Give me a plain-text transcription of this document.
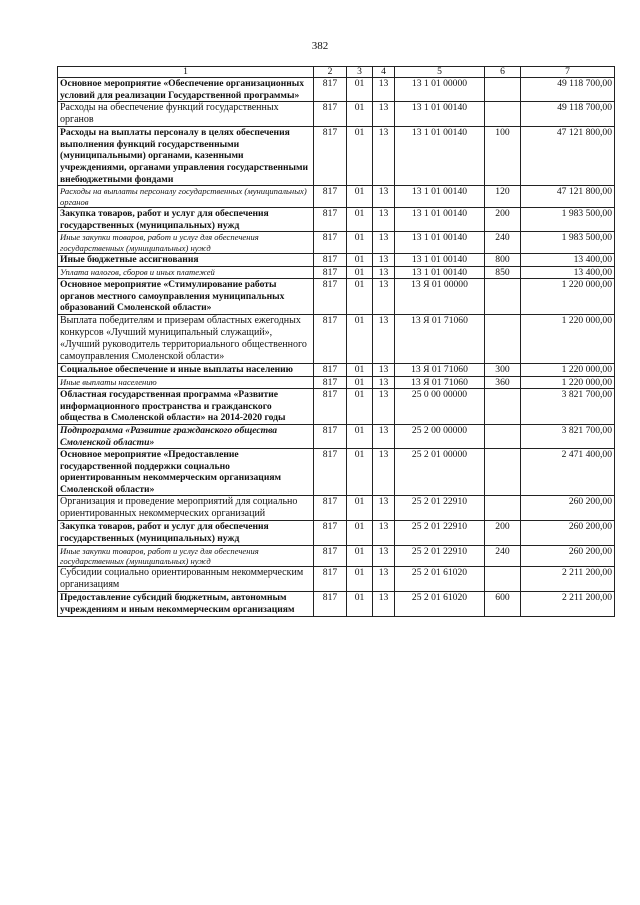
382
1	2	3	4	5	6	7
Основное мероприятие «Обеспечение организационных условий для реализации Государственной программы»	817	01	13	13 1 01 00000		49 118 700,00
Расходы на обеспечение функций государственных органов	817	01	13	13 1 01 00140		49 118 700,00
Расходы на выплаты персоналу в целях обеспечения выполнения функций государственными (муниципальными) органами, казенными учреждениями, органами управления государственными внебюджетными фондами	817	01	13	13 1 01 00140	100	47 121 800,00
Расходы на выплаты персоналу государственных (муниципальных) органов	817	01	13	13 1 01 00140	120	47 121 800,00
Закупка товаров, работ и услуг для обеспечения государственных (муниципальных) нужд	817	01	13	13 1 01 00140	200	1 983 500,00
Иные закупки товаров, работ и услуг для обеспечения государственных (муниципальных) нужд	817	01	13	13 1 01 00140	240	1 983 500,00
Иные бюджетные ассигнования	817	01	13	13 1 01 00140	800	13 400,00
Уплата налогов, сборов и иных платежей	817	01	13	13 1 01 00140	850	13 400,00
Основное мероприятие «Стимулирование работы органов местного самоуправления муниципальных образований Смоленской области»	817	01	13	13 Я 01 00000		1 220 000,00
Выплата победителям и призерам областных ежегодных конкурсов «Лучший муниципальный служащий», «Лучший руководитель территориального общественного самоуправления Смоленской области»	817	01	13	13 Я 01 71060		1 220 000,00
Социальное обеспечение и иные выплаты населению	817	01	13	13 Я 01 71060	300	1 220 000,00
Иные выплаты населению	817	01	13	13 Я 01 71060	360	1 220 000,00
Областная государственная программа «Развитие информационного пространства и гражданского общества в Смоленской области» на 2014-2020 годы	817	01	13	25 0 00 00000		3 821 700,00
Подпрограмма «Развитие гражданского общества Смоленской области»	817	01	13	25 2 00 00000		3 821 700,00
Основное мероприятие «Предоставление государственной поддержки социально ориентированным некоммерческим организациям Смоленской области»	817	01	13	25 2 01 00000		2 471 400,00
Организация и проведение мероприятий для социально ориентированных некоммерческих организаций	817	01	13	25 2 01 22910		260 200,00
Закупка товаров, работ и услуг для обеспечения государственных (муниципальных) нужд	817	01	13	25 2 01 22910	200	260 200,00
Иные закупки товаров, работ и услуг для обеспечения государственных (муниципальных) нужд	817	01	13	25 2 01 22910	240	260 200,00
Субсидии социально ориентированным некоммерческим организациям	817	01	13	25 2 01 61020		2 211 200,00
Предоставление субсидий бюджетным, автономным учреждениям и иным некоммерческим организациям	817	01	13	25 2 01 61020	600	2 211 200,00
